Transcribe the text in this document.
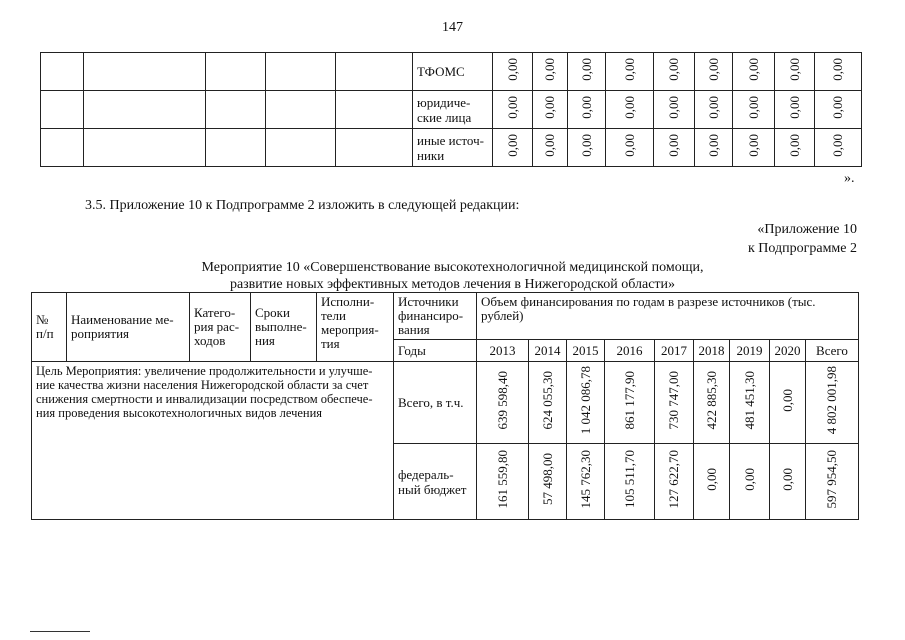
147
					ТФОМС	0,00	0,00	0,00	0,00	0,00	0,00	0,00	0,00	0,00
					юридиче-ские лица	0,00	0,00	0,00	0,00	0,00	0,00	0,00	0,00	0,00
					иные источ-ники	0,00	0,00	0,00	0,00	0,00	0,00	0,00	0,00	0,00
».
3.5. Приложение 10 к Подпрограмме 2 изложить в следующей редакции:
«Приложение 10
к Подпрограмме 2
Мероприятие 10 «Совершенствование высокотехнологичной медицинской помощи,
развитие новых эффективных методов лечения в Нижегородской области»
№ п/п	Наименование ме-роприятия	Катего-рия рас-ходов	Сроки выполне-ния	Исполни-тели мероприя-тия	Источники финансиро-вания	Объем финансирования по годам в разрезе источников (тыс. рублей)								
					Годы	2013	2014	2015	2016	2017	2018	2019	2020	Всего
Цель Мероприятия: увеличение продолжительности и улучше-ние качества жизни населения Нижегородской области за счет снижения смертности и инвалидизации посредством обеспече-ния проведения высокотехнологичных видов лечения					Всего, в т.ч.	639 598,40	624 055,30	1 042 086,78	861 177,90	730 747,00	422 885,30	481 451,30	0,00	4 802 001,98
					федераль-ный бюджет	161 559,80	57 498,00	145 762,30	105 511,70	127 622,70	0,00	0,00	0,00	597 954,50
